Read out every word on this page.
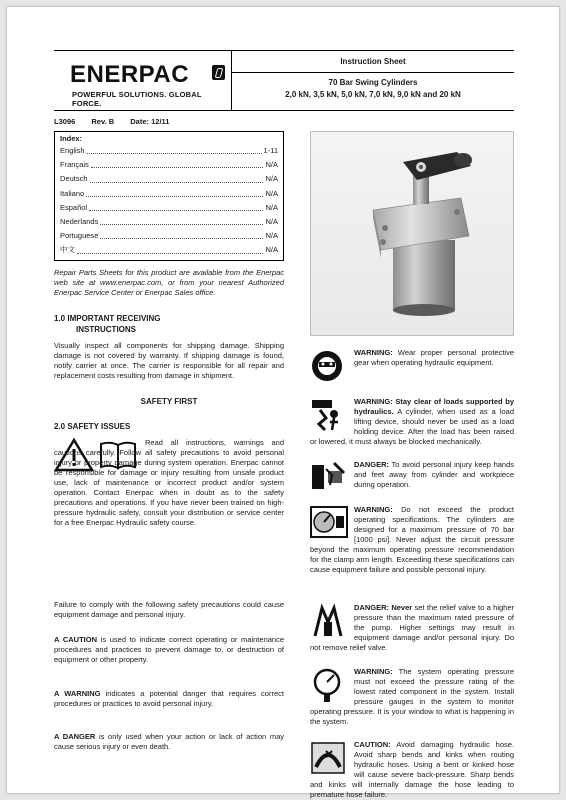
ENERPAC
POWERFUL SOLUTIONS. GLOBAL FORCE.
Instruction Sheet
70 Bar Swing Cylinders
2,0 kN, 3,5 kN, 5,0 kN, 7,0 kN, 9,0 kN and 20 kN
L3096 Rev. B Date: 12/11
Index:
English	1-11
Français	N/A
Deutsch	N/A
Italiano	N/A
Español	N/A
Nederlands	N/A
Portuguese	N/A
中文	N/A
Repair Parts Sheets for this product are available from the Enerpac web site at www.enerpac.com, or from your nearest Authorized Enerpac Service Center or Enerpac Sales office.
1.0 IMPORTANT RECEIVING
INSTRUCTIONS
Visually inspect all components for shipping damage. Shipping damage is not covered by warranty. If shipping damage is found, notify carrier at once. The carrier is responsible for all repair and replacement costs resulting from damage in shipment.
SAFETY FIRST
2.0 SAFETY ISSUES
Read all instructions, warnings and cautions carefully. Follow all safety precautions to avoid personal injury or property damage during system operation. Enerpac cannot be responsible for damage or injury resulting from unsafe product use, lack of maintenance or incorrect product and/or system operation. Contact Enerpac when in doubt as to the safety precautions and operations. If you have never been trained on high-pressure hydraulic safety, consult your distribution or service center for a free Enerpac Hydraulic safety course.
Failure to comply with the following safety precautions could cause equipment damage and personal injury.
A CAUTION is used to indicate correct operating or maintenance procedures and practices to prevent damage to, or destruction of equipment or other property.
A WARNING indicates a potential danger that requires correct procedures or practices to avoid personal injury.
A DANGER is only used when your action or lack of action may cause serious injury or even death.
WARNING: Wear proper personal protective gear when operating hydraulic equipment.
WARNING: Stay clear of loads supported by hydraulics. A cylinder, when used as a load lifting device, should never be used as a load holding device. After the load has been raised or lowered, it must always be blocked mechanically.
DANGER: To avoid personal injury keep hands and feet away from cylinder and workpiece during operation.
WARNING: Do not exceed the product operating specifications. The cylinders are designed for a maximum pressure of 70 bar [1000 psi]. Never adjust the circuit pressure beyond the maximum operating pressure recommendation for the clamp arm length. Exceeding these specifications can cause equipment failure and possible personal injury.
DANGER: Never set the relief valve to a higher pressure than the maximum rated pressure of the pump. Higher settings may result in equipment damage and/or personal injury. Do not remove relief valve.
WARNING: The system operating pressure must not exceed the pressure rating of the lowest rated component in the system. Install pressure gauges in the system to monitor operating pressure. It is your window to what is happening in the system.
CAUTION: Avoid damaging hydraulic hose. Avoid sharp bends and kinks when routing hydraulic hoses. Using a bent or kinked hose will cause severe back-pressure. Sharp bends and kinks will internally damage the hose leading to premature hose failure.
